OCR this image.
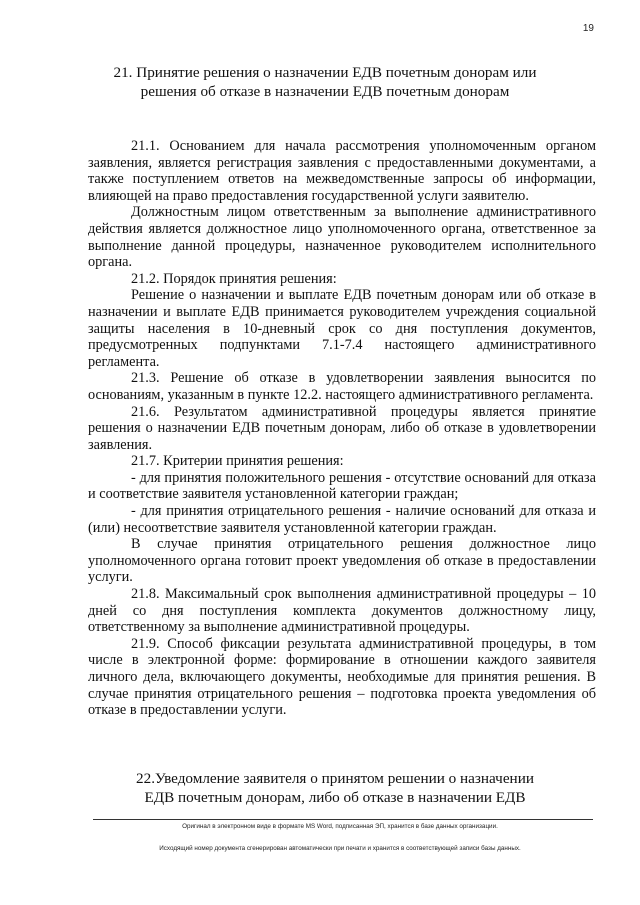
19
21. Принятие решения о назначении ЕДВ почетным донорам или решения об отказе в назначении ЕДВ почетным донорам

21.1. Основанием для начала рассмотрения уполномоченным органом заявления, является регистрация заявления с предоставленными документами, а также поступлением ответов на межведомственные запросы об информации, влияющей на право предоставления государственной услуги заявителю.

Должностным лицом ответственным за выполнение административного действия является должностное лицо уполномоченного органа, ответственное за выполнение данной процедуры, назначенное руководителем исполнительного органа.

21.2. Порядок принятия решения:

Решение о назначении и выплате ЕДВ почетным донорам или об отказе в назначении и выплате ЕДВ принимается руководителем учреждения социальной защиты населения в 10-дневный срок со дня поступления документов, предусмотренных подпунктами 7.1-7.4 настоящего административного регламента.

21.3. Решение об отказе в удовлетворении заявления выносится по основаниям, указанным в пункте 12.2. настоящего административного регламента.

21.6. Результатом административной процедуры является принятие решения о назначении ЕДВ почетным донорам, либо об отказе в удовлетворении заявления.

21.7. Критерии принятия решения:

- для принятия положительного решения - отсутствие оснований для отказа и соответствие заявителя установленной категории граждан;

- для принятия отрицательного решения - наличие оснований для отказа и (или) несоответствие заявителя установленной категории граждан.

В случае принятия отрицательного решения должностное лицо уполномоченного органа готовит проект уведомления об отказе в предоставлении услуги.

21.8. Максимальный срок выполнения административной процедуры – 10 дней со дня поступления комплекта документов должностному лицу, ответственному за выполнение административной процедуры.

21.9. Способ фиксации результата административной процедуры, в том числе в электронной форме: формирование в отношении каждого заявителя личного дела, включающего документы, необходимые для принятия решения. В случае принятия отрицательного решения – подготовка проекта уведомления об отказе в предоставлении услуги.

22.Уведомление заявителя о принятом решении о назначении ЕДВ почетным донорам, либо об отказе в назначении ЕДВ
Оригинал в электронном виде в формате MS Word, подписанная ЭП, хранится в базе данных организации.
Исходящий номер документа сгенерирован автоматически при печати и хранится в соответствующей записи базы данных.
